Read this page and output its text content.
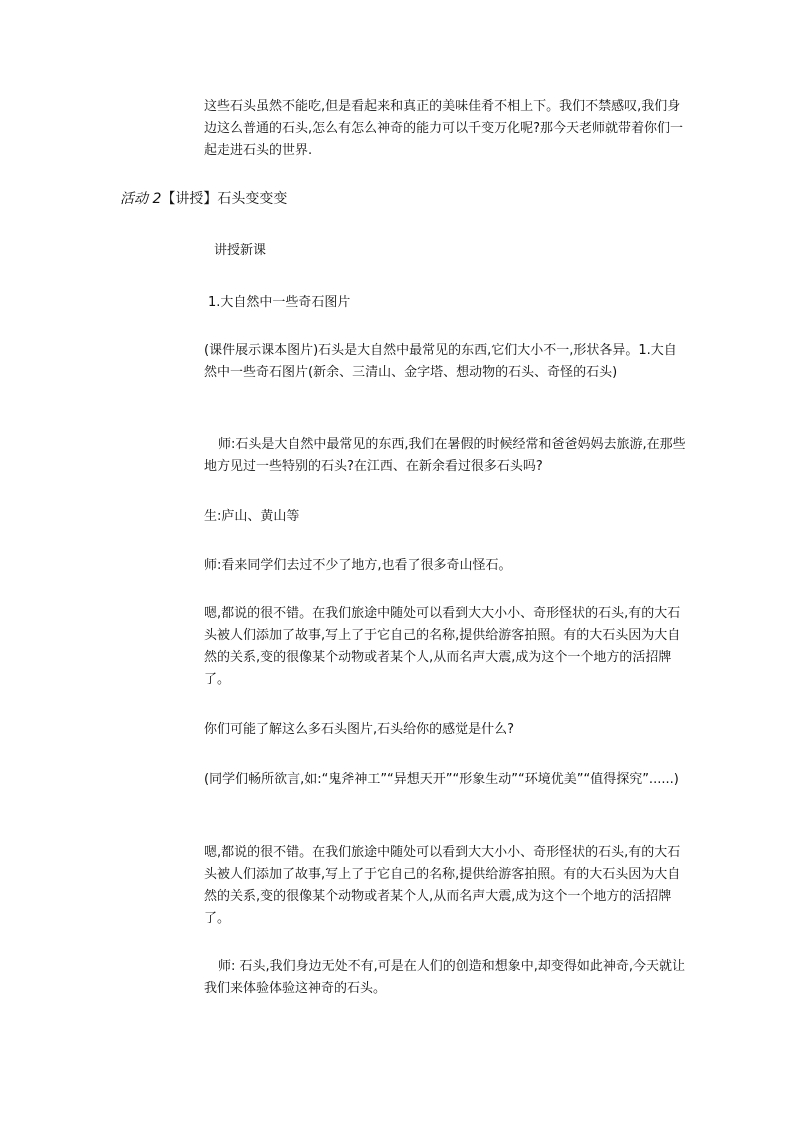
这些石头虽然不能吃,但是看起来和真正的美味佳肴不相上下。我们不禁感叹,我们身边这么普通的石头,怎么有怎么神奇的能力可以千变万化呢?那今天老师就带着你们一起走进石头的世界.
活动 2【讲授】石头变变变
讲授新课
1.大自然中一些奇石图片
(课件展示课本图片)石头是大自然中最常见的东西,它们大小不一,形状各异。1.大自然中一些奇石图片(新余、三清山、金字塔、想动物的石头、奇怪的石头)
师:石头是大自然中最常见的东西,我们在暑假的时候经常和爸爸妈妈去旅游,在那些地方见过一些特别的石头?在江西、在新余看过很多石头吗?
生:庐山、黄山等
师:看来同学们去过不少了地方,也看了很多奇山怪石。
嗯,都说的很不错。在我们旅途中随处可以看到大大小小、奇形怪状的石头,有的大石头被人们添加了故事,写上了于它自己的名称,提供给游客拍照。有的大石头因为大自然的关系,变的很像某个动物或者某个人,从而名声大震,成为这个一个地方的活招牌了。
你们可能了解这么多石头图片,石头给你的感觉是什么?
(同学们畅所欲言,如:“鬼斧神工”“异想天开”“形象生动”“环境优美”“值得探究”......)
嗯,都说的很不错。在我们旅途中随处可以看到大大小小、奇形怪状的石头,有的大石头被人们添加了故事,写上了于它自己的名称,提供给游客拍照。有的大石头因为大自然的关系,变的很像某个动物或者某个人,从而名声大震,成为这个一个地方的活招牌了。
师: 石头,我们身边无处不有,可是在人们的创造和想象中,却变得如此神奇,今天就让我们来体验体验这神奇的石头。
